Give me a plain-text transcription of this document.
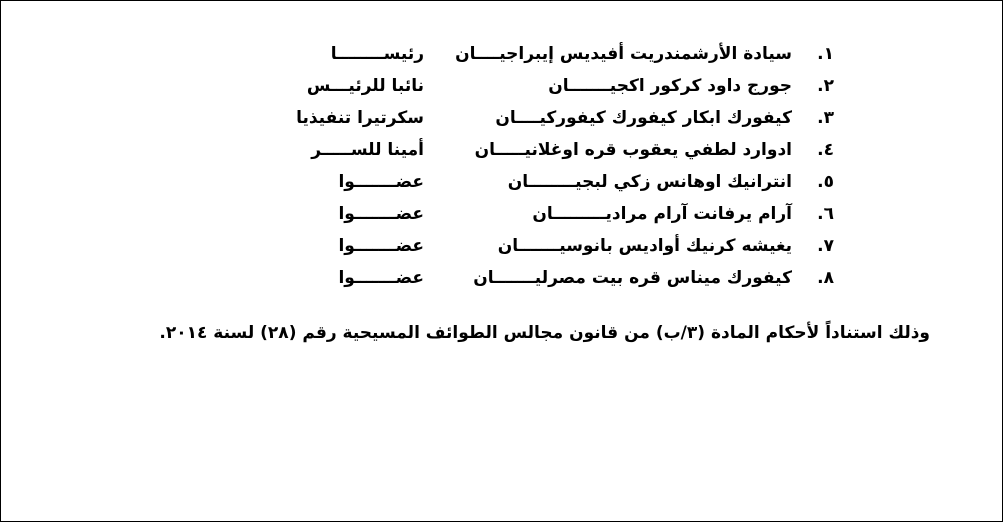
١.
سيادة الأرشمندريت أفيديس إيبراجيــــان
رئيســــــــا
٢.
جورج داود كركور اكجيـــــــان
نائبا للرئيـــس
٣.
كيفورك ابكار كيفورك كيفوركيــــان
سكرتيرا تنفيذيا
٤.
ادوارد لطفي يعقوب قره اوغلانيـــــان
أمينا للســـــر
٥.
انترانيك اوهانس زكي لبجيــــــــان
عضـــــــوا
٦.
آرام يرفانت آرام مراديـــــــــان
عضـــــــوا
٧.
يغيشه كرنيك أواديس بانوسيـــــــان
عضـــــــوا
٨.
كيفورك ميناس قره بيت مصرليـــــــان
عضـــــــوا
وذلك استناداً لأحكام المادة (٣/ب) من قانون مجالس الطوائف المسيحية رقم (٢٨) لسنة ٢٠١٤.
